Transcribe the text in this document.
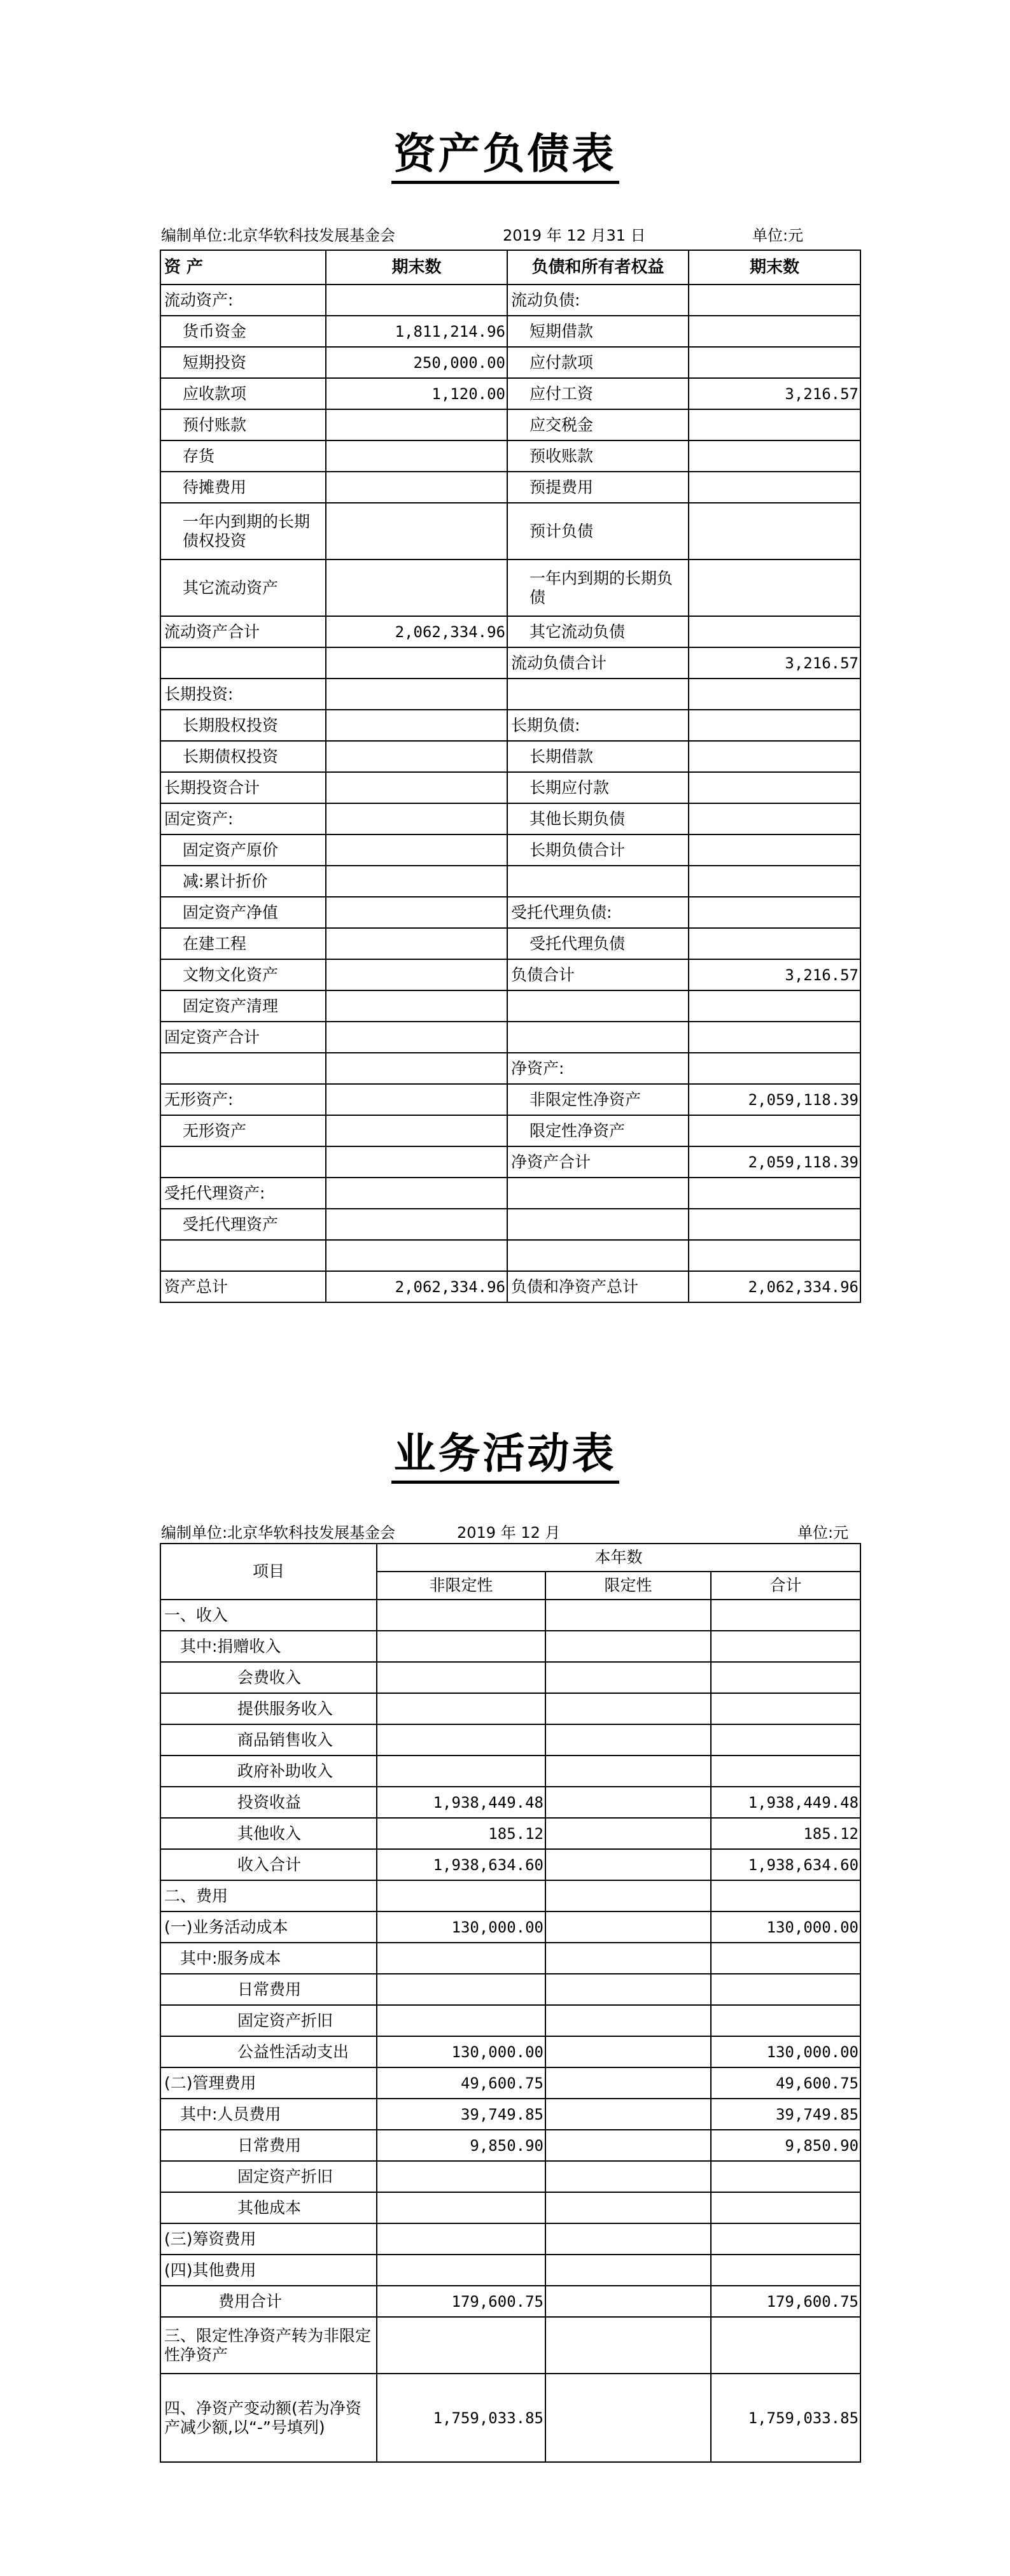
资产负债表
编制单位:北京华软科技发展基金会	2019 年 12 月31 日	单位:元
资 产	期末数	负债和所有者权益	期末数
流动资产:		流动负债:	
货币资金	1,811,214.96	短期借款	
短期投资	250,000.00	应付款项	
应收款项	1,120.00	应付工资	3,216.57
预付账款		应交税金	
存货		预收账款	
待摊费用		预提费用	
一年内到期的长期债权投资		预计负债	
其它流动资产		一年内到期的长期负债	
流动资产合计	2,062,334.96	其它流动负债	
		流动负债合计	3,216.57
长期投资:			
长期股权投资		长期负债:	
长期债权投资		长期借款	
长期投资合计		长期应付款	
固定资产:		其他长期负债	
固定资产原价		长期负债合计	
减:累计折价			
固定资产净值		受托代理负债:	
在建工程		受托代理负债	
文物文化资产		负债合计	3,216.57
固定资产清理			
固定资产合计			
		净资产:	
无形资产:		非限定性净资产	2,059,118.39
无形资产		限定性净资产	
		净资产合计	2,059,118.39
受托代理资产:			
受托代理资产			

资产总计	2,062,334.96	负债和净资产总计	2,062,334.96
业务活动表
编制单位:北京华软科技发展基金会	2019 年 12 月	单位:元
项目	本年数		
	非限定性	限定性	合计
一、收入			
其中:捐赠收入			
会费收入			
提供服务收入			
商品销售收入			
政府补助收入			
投资收益	1,938,449.48		1,938,449.48
其他收入	185.12		185.12
收入合计	1,938,634.60		1,938,634.60
二、费用			
(一)业务活动成本	130,000.00		130,000.00
其中:服务成本			
日常费用			
固定资产折旧			
公益性活动支出	130,000.00		130,000.00
(二)管理费用	49,600.75		49,600.75
其中:人员费用	39,749.85		39,749.85
日常费用	9,850.90		9,850.90
固定资产折旧			
其他成本			
(三)筹资费用			
(四)其他费用			
费用合计	179,600.75		179,600.75
三、限定性净资产转为非限定性净资产			
四、净资产变动额(若为净资产减少额,以“-”号填列)	1,759,033.85		1,759,033.85
